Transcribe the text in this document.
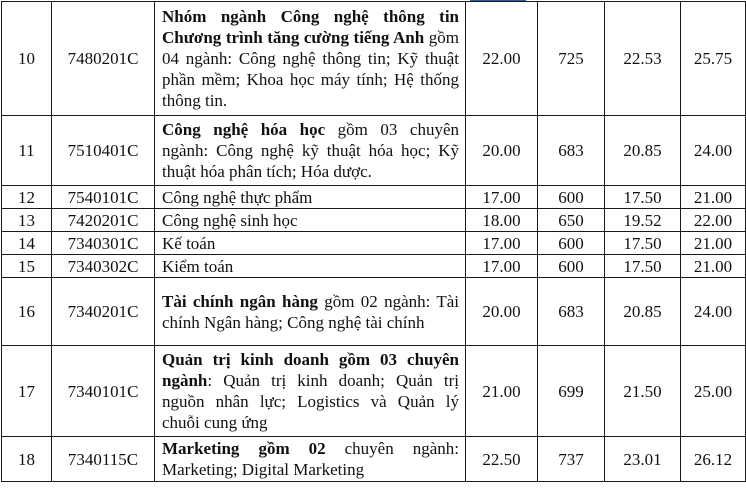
10	7480201C	Nhóm ngành Công nghệ thông tin Chương trình tăng cường tiếng Anh gồm 04 ngành: Công nghệ thông tin; Kỹ thuật phần mềm; Khoa học máy tính; Hệ thống thông tin.	22.00	725	22.53	25.75
11	7510401C	Công nghệ hóa học gồm 03 chuyên ngành: Công nghệ kỹ thuật hóa học; Kỹ thuật hóa phân tích; Hóa dược.	20.00	683	20.85	24.00
12	7540101C	Công nghệ thực phẩm	17.00	600	17.50	21.00
13	7420201C	Công nghệ sinh học	18.00	650	19.52	22.00
14	7340301C	Kế toán	17.00	600	17.50	21.00
15	7340302C	Kiểm toán	17.00	600	17.50	21.00
16	7340201C	Tài chính ngân hàng gồm 02 ngành: Tài chính Ngân hàng; Công nghệ tài chính	20.00	683	20.85	24.00
17	7340101C	Quản trị kinh doanh gồm 03 chuyên ngành: Quản trị kinh doanh; Quản trị nguồn nhân lực; Logistics và Quản lý chuỗi cung ứng	21.00	699	21.50	25.00
18	7340115C	Marketing gồm 02 chuyên ngành: Marketing; Digital Marketing	22.50	737	23.01	26.12
